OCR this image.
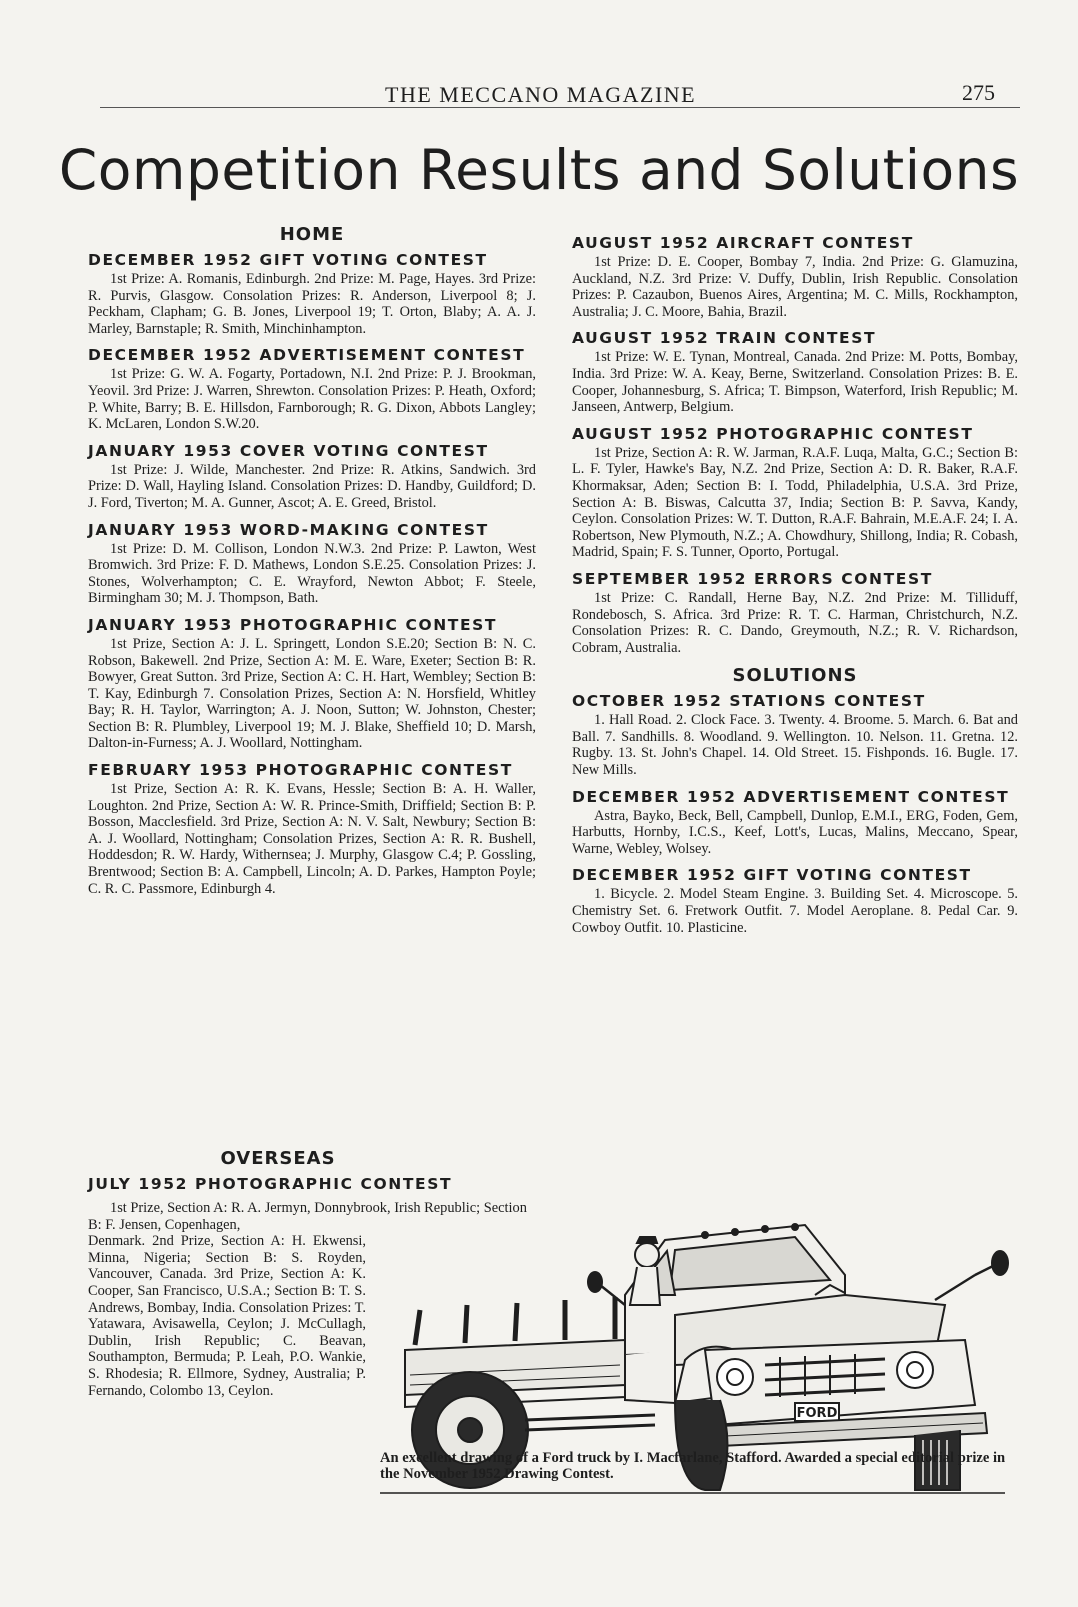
THE MECCANO MAGAZINE	275
Competition Results and Solutions
HOME
DECEMBER 1952 GIFT VOTING CONTEST

1st Prize: A. Romanis, Edinburgh. 2nd Prize: M. Page, Hayes. 3rd Prize: R. Purvis, Glasgow. Consolation Prizes: R. Anderson, Liverpool 8; J. Peckham, Clapham; G. B. Jones, Liverpool 19; T. Orton, Blaby; A. A. J. Marley, Barnstaple; R. Smith, Minchinhampton.

DECEMBER 1952 ADVERTISEMENT CONTEST

1st Prize: G. W. A. Fogarty, Portadown, N.I. 2nd Prize: P. J. Brookman, Yeovil. 3rd Prize: J. Warren, Shrewton. Consolation Prizes: P. Heath, Oxford; P. White, Barry; B. E. Hillsdon, Farnborough; R. G. Dixon, Abbots Langley; K. McLaren, London S.W.20.

JANUARY 1953 COVER VOTING CONTEST

1st Prize: J. Wilde, Manchester. 2nd Prize: R. Atkins, Sandwich. 3rd Prize: D. Wall, Hayling Island. Consolation Prizes: D. Handby, Guildford; D. J. Ford, Tiverton; M. A. Gunner, Ascot; A. E. Greed, Bristol.

JANUARY 1953 WORD-MAKING CONTEST

1st Prize: D. M. Collison, London N.W.3. 2nd Prize: P. Lawton, West Bromwich. 3rd Prize: F. D. Mathews, London S.E.25. Consolation Prizes: J. Stones, Wolverhampton; C. E. Wrayford, Newton Abbot; F. Steele, Birmingham 30; M. J. Thompson, Bath.

JANUARY 1953 PHOTOGRAPHIC CONTEST

1st Prize, Section A: J. L. Springett, London S.E.20; Section B: N. C. Robson, Bakewell. 2nd Prize, Section A: M. E. Ware, Exeter; Section B: R. Bowyer, Great Sutton. 3rd Prize, Section A: C. H. Hart, Wembley; Section B: T. Kay, Edinburgh 7. Consolation Prizes, Section A: N. Horsfield, Whitley Bay; R. H. Taylor, Warrington; A. J. Noon, Sutton; W. Johnston, Chester; Section B: R. Plumbley, Liverpool 19; M. J. Blake, Sheffield 10; D. Marsh, Dalton-in-Furness; A. J. Woollard, Nottingham.

FEBRUARY 1953 PHOTOGRAPHIC CONTEST

1st Prize, Section A: R. K. Evans, Hessle; Section B: A. H. Waller, Loughton. 2nd Prize, Section A: W. R. Prince-Smith, Driffield; Section B: P. Bosson, Macclesfield. 3rd Prize, Section A: N. V. Salt, Newbury; Section B: A. J. Woollard, Nottingham; Consolation Prizes, Section A: R. R. Bushell, Hoddesdon; R. W. Hardy, Withernsea; J. Murphy, Glasgow C.4; P. Gossling, Brentwood; Section B: A. Campbell, Lincoln; A. D. Parkes, Hampton Poyle; C. R. C. Passmore, Edinburgh 4.

OVERSEAS
JULY 1952 PHOTOGRAPHIC CONTEST

1st Prize, Section A: R. A. Jermyn, Donnybrook, Irish Republic; Section B: F. Jensen, Copenhagen,
Denmark. 2nd Prize, Section A: H. Ekwensi, Minna, Nigeria; Section B: S. Royden, Vancouver, Canada. 3rd Prize, Section A: K. Cooper, San Francisco, U.S.A.; Section B: T. S. Andrews, Bombay, India. Consolation Prizes: T. Yatawara, Avisawella, Ceylon; J. McCullagh, Dublin, Irish Republic; C. Beavan, Southampton, Bermuda; P. Leah, P.O. Wankie, S. Rhodesia; R. Ellmore, Sydney, Australia; P. Fernando, Colombo 13, Ceylon.

AUGUST 1952 AIRCRAFT CONTEST

1st Prize: D. E. Cooper, Bombay 7, India. 2nd Prize: G. Glamuzina, Auckland, N.Z. 3rd Prize: V. Duffy, Dublin, Irish Republic. Consolation Prizes: P. Cazaubon, Buenos Aires, Argentina; M. C. Mills, Rockhampton, Australia; J. C. Moore, Bahia, Brazil.

AUGUST 1952 TRAIN CONTEST

1st Prize: W. E. Tynan, Montreal, Canada. 2nd Prize: M. Potts, Bombay, India. 3rd Prize: W. A. Keay, Berne, Switzerland. Consolation Prizes: B. E. Cooper, Johannesburg, S. Africa; T. Bimpson, Waterford, Irish Republic; M. Janseen, Antwerp, Belgium.

AUGUST 1952 PHOTOGRAPHIC CONTEST

1st Prize, Section A: R. W. Jarman, R.A.F. Luqa, Malta, G.C.; Section B: L. F. Tyler, Hawke's Bay, N.Z. 2nd Prize, Section A: D. R. Baker, R.A.F. Khormaksar, Aden; Section B: I. Todd, Philadelphia, U.S.A. 3rd Prize, Section A: B. Biswas, Calcutta 37, India; Section B: P. Savva, Kandy, Ceylon. Consolation Prizes: W. T. Dutton, R.A.F. Bahrain, M.E.A.F. 24; I. A. Robertson, New Plymouth, N.Z.; A. Chowdhury, Shillong, India; R. Cobash, Madrid, Spain; F. S. Tunner, Oporto, Portugal.

SEPTEMBER 1952 ERRORS CONTEST

1st Prize: C. Randall, Herne Bay, N.Z. 2nd Prize: M. Tilliduff, Rondebosch, S. Africa. 3rd Prize: R. T. C. Harman, Christchurch, N.Z. Consolation Prizes: R. C. Dando, Greymouth, N.Z.; R. V. Richardson, Cobram, Australia.

SOLUTIONS
OCTOBER 1952 STATIONS CONTEST

1. Hall Road. 2. Clock Face. 3. Twenty. 4. Broome. 5. March. 6. Bat and Ball. 7. Sandhills. 8. Woodland. 9. Wellington. 10. Nelson. 11. Gretna. 12. Rugby. 13. St. John's Chapel. 14. Old Street. 15. Fishponds. 16. Bugle. 17. New Mills.

DECEMBER 1952 ADVERTISEMENT CONTEST

Astra, Bayko, Beck, Bell, Campbell, Dunlop, E.M.I., ERG, Foden, Gem, Harbutts, Hornby, I.C.S., Keef, Lott's, Lucas, Malins, Meccano, Spear, Warne, Webley, Wolsey.

DECEMBER 1952 GIFT VOTING CONTEST

1. Bicycle. 2. Model Steam Engine. 3. Building Set. 4. Microscope. 5. Chemistry Set. 6. Fretwork Outfit. 7. Model Aeroplane. 8. Pedal Car. 9. Cowboy Outfit. 10. Plasticine.

FORD
An excellent drawing of a Ford truck by I. Macfarlane, Stafford. Awarded a special editorial prize in the November 1952 Drawing Contest.
